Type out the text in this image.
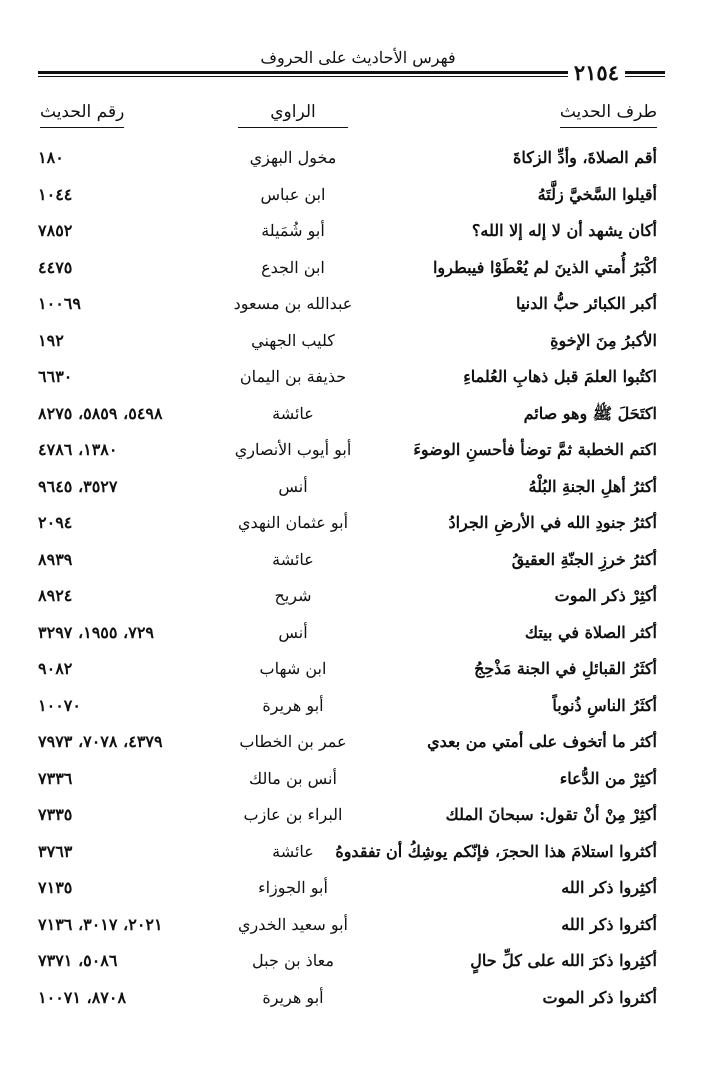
فهرس الأحاديث على الحروف
٢١٥٤
طرف الحديث
الراوي
رقم الحديث
أقم الصلاةَ، وأدِّ الزكاةَ
مخول البهزي
١٨٠
أقيلوا السَّخيَّ زلَّتَهُ
ابن عباس
١٠٤٤
أكان يشهد أن لا إله إلا الله؟
أبو شُمَيلة
٧٨٥٢
أكْبَرُ أُمتي الذينَ لم يُعْطَوْا فيبطروا
ابن الجدع
٤٤٧٥
أكبر الكبائر حبُّ الدنيا
عبدالله بن مسعود
١٠٠٦٩
الأكبرُ مِنَ الإخوةِ
كليب الجهني
١٩٢
اكتُبوا العلمَ قبل ذهابِ العُلماءِ
حذيفة بن اليمان
٦٦٣٠
اكتَحَلَ ﷺ وهو صائم
عائشة
٥٤٩٨، ٥٨٥٩، ٨٢٧٥
اكتم الخطبة ثمَّ توضأ فأحسنِ الوضوءَ
أبو أيوب الأنصاري
١٣٨٠، ٤٧٨٦
أكثرُ أهلِ الجنةِ البُلْهُ
أنس
٣٥٢٧، ٩٦٤٥
أكثرُ جنودِ الله في الأرضِ الجرادُ
أبو عثمان النهدي
٢٠٩٤
أكثرُ خرزِ الجنّةِ العقيقُ
عائشة
٨٩٣٩
أكثِرْ ذكر الموت
شريح
٨٩٢٤
أكثر الصلاة في بيتك
أنس
٧٢٩، ١٩٥٥، ٣٢٩٧
أكثَرُ القبائلِ في الجنة مَذْحِجُ
ابن شهاب
٩٠٨٢
أكثَرُ الناسِ ذُنوباً
أبو هريرة
١٠٠٧٠
أكثر ما أتخوف على أمتي من بعدي
عمر بن الخطاب
٤٣٧٩، ٧٠٧٨، ٧٩٧٣
أكثِرْ من الدُّعاء
أنس بن مالك
٧٣٣٦
أكثِرْ مِنْ أنْ تقول: سبحانَ الملك
البراء بن عازب
٧٣٣٥
أكثروا استلامَ هذا الحجرَ، فإنّكم يوشِكُ أن تفقدوهُ
عائشة
٣٧٦٣
أكثِروا ذكر الله
أبو الجوزاء
٧١٣٥
أكثروا ذكر الله
أبو سعيد الخدري
٢٠٢١، ٣٠١٧، ٧١٣٦
أكثِروا ذكرَ الله على كلِّ حالٍ
معاذ بن جبل
٥٠٨٦، ٧٣٧١
أكثروا ذكر الموت
أبو هريرة
٨٧٠٨، ١٠٠٧١
